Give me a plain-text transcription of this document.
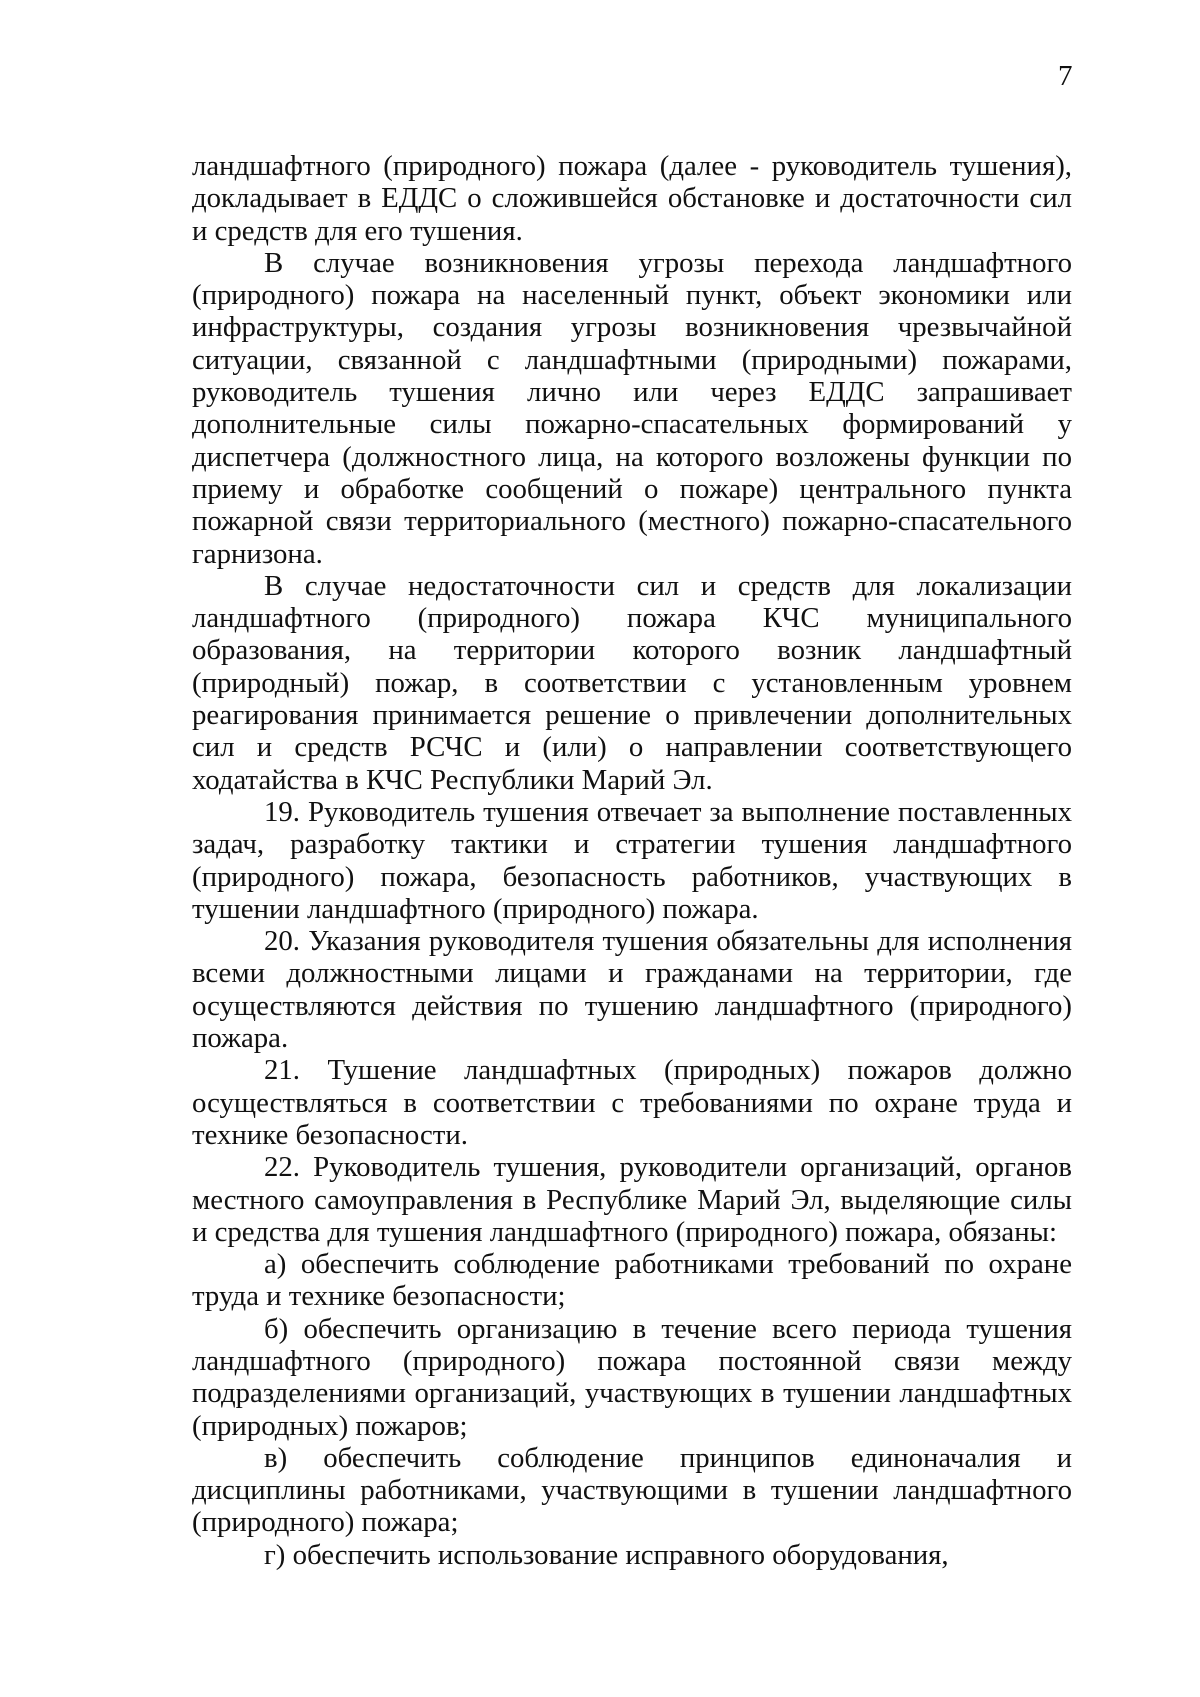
7

ландшафтного (природного) пожара (далее - руководитель тушения), докладывает в ЕДДС о сложившейся обстановке и достаточности сил и средств для его тушения.

В случае возникновения угрозы перехода ландшафтного (природного) пожара на населенный пункт, объект экономики или инфраструктуры, создания угрозы возникновения чрезвычайной ситуации, связанной с ландшафтными (природными) пожарами, руководитель тушения лично или через ЕДДС запрашивает дополнительные силы пожарно-спасательных формирований у диспетчера (должностного лица, на которого возложены функции по приему и обработке сообщений о пожаре) центрального пункта пожарной связи территориального (местного) пожарно-спасательного гарнизона.

В случае недостаточности сил и средств для локализации ландшафтного (природного) пожара КЧС муниципального образования, на территории которого возник ландшафтный (природный) пожар, в соответствии с установленным уровнем реагирования принимается решение о привлечении дополнительных сил и средств РСЧС и (или) о направлении соответствующего ходатайства в КЧС Республики Марий Эл.

19. Руководитель тушения отвечает за выполнение поставленных задач, разработку тактики и стратегии тушения ландшафтного (природного) пожара, безопасность работников, участвующих в тушении ландшафтного (природного) пожара.

20. Указания руководителя тушения обязательны для исполнения всеми должностными лицами и гражданами на территории, где осуществляются действия по тушению ландшафтного (природного) пожара.

21. Тушение ландшафтных (природных) пожаров должно осуществляться в соответствии с требованиями по охране труда и технике безопасности.

22. Руководитель тушения, руководители организаций, органов местного самоуправления в Республике Марий Эл, выделяющие силы и средства для тушения ландшафтного (природного) пожара, обязаны:

а) обеспечить соблюдение работниками требований по охране труда и технике безопасности;

б) обеспечить организацию в течение всего периода тушения ландшафтного (природного) пожара постоянной связи между подразделениями организаций, участвующих в тушении ландшафтных (природных) пожаров;

в) обеспечить соблюдение принципов единоначалия и дисциплины работниками, участвующими в тушении ландшафтного (природного) пожара;

г) обеспечить использование исправного оборудования,
